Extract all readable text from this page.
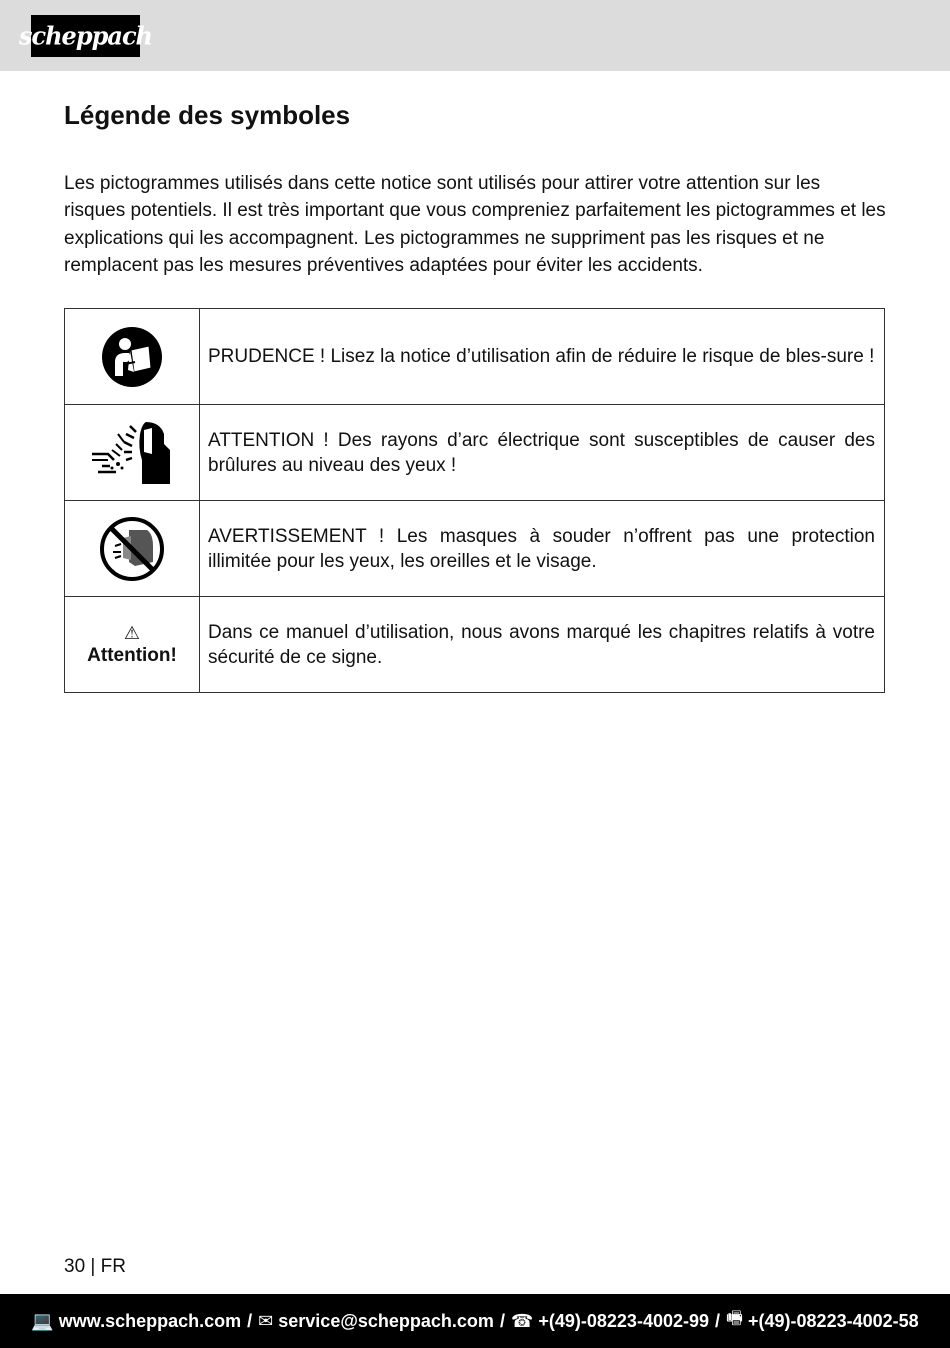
scheppach
Légende des symboles

Les pictogrammes utilisés dans cette notice sont utilisés pour attirer votre attention sur les risques potentiels. Il est très important que vous compreniez parfaitement les pictogrammes et les explications qui les accompagnent. Les pictogrammes ne suppriment pas les risques et ne remplacent pas les mesures préventives adaptées pour éviter les accidents.

	PRUDENCE ! Lisez la notice d’utilisation afin de réduire le risque de bles-sure !

	ATTENTION ! Des rayons d’arc électrique sont susceptibles de causer des brûlures au niveau des yeux !

	AVERTISSEMENT ! Les masques à souder n’offrent pas une protection illimitée pour les yeux, les oreilles et le visage.

⚠
Attention!	Dans ce manuel d’utilisation, nous avons marqué les chapitres relatifs à votre sécurité de ce signe.
30 | FR
💻 www.scheppach.com / ✉ service@scheppach.com / ☎ +(49)-08223-4002-99 / 🖷 +(49)-08223-4002-58
